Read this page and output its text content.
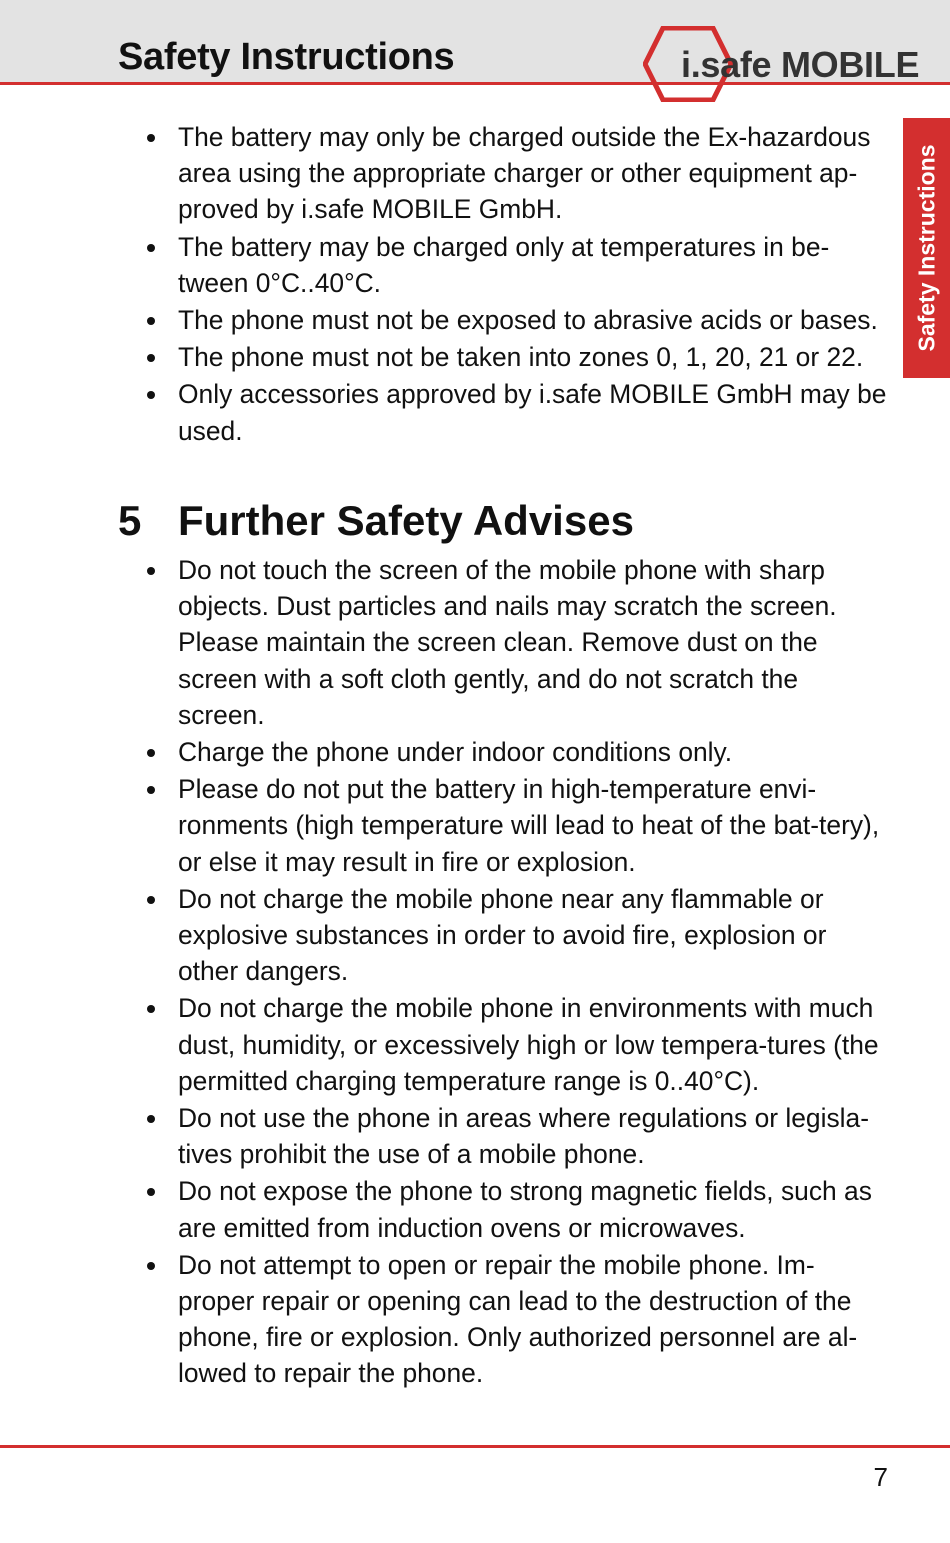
Safety Instructions	i.safe MOBILE
Safety Instructions
The battery may only be charged outside the Ex-hazardous area using the appropriate charger or other equipment ap-proved by i.safe MOBILE GmbH.
The battery may be charged only at temperatures in be-tween 0°C..40°C.
The phone must not be exposed to abrasive acids or bases.
The phone must not be taken into zones 0, 1, 20, 21 or 22.
Only accessories approved by i.safe MOBILE GmbH may be used.
5 Further Safety Advises
Do not touch the screen of the mobile phone with sharp objects. Dust particles and nails may scratch the screen. Please maintain the screen clean. Remove dust on the screen with a soft cloth gently, and do not scratch the screen.
Charge the phone under indoor conditions only.
Please do not put the battery in high-temperature envi-ronments (high temperature will lead to heat of the bat-tery), or else it may result in fire or explosion.
Do not charge the mobile phone near any flammable or explosive substances in order to avoid fire, explosion or other dangers.
Do not charge the mobile phone in environments with much dust, humidity, or excessively high or low tempera-tures (the permitted charging temperature range is 0..40°C).
Do not use the phone in areas where regulations or legisla-tives prohibit the use of a mobile phone.
Do not expose the phone to strong magnetic fields, such as are emitted from induction ovens or microwaves.
Do not attempt to open or repair the mobile phone. Im-proper repair or opening can lead to the destruction of the phone, fire or explosion. Only authorized personnel are al-lowed to repair the phone.
7
